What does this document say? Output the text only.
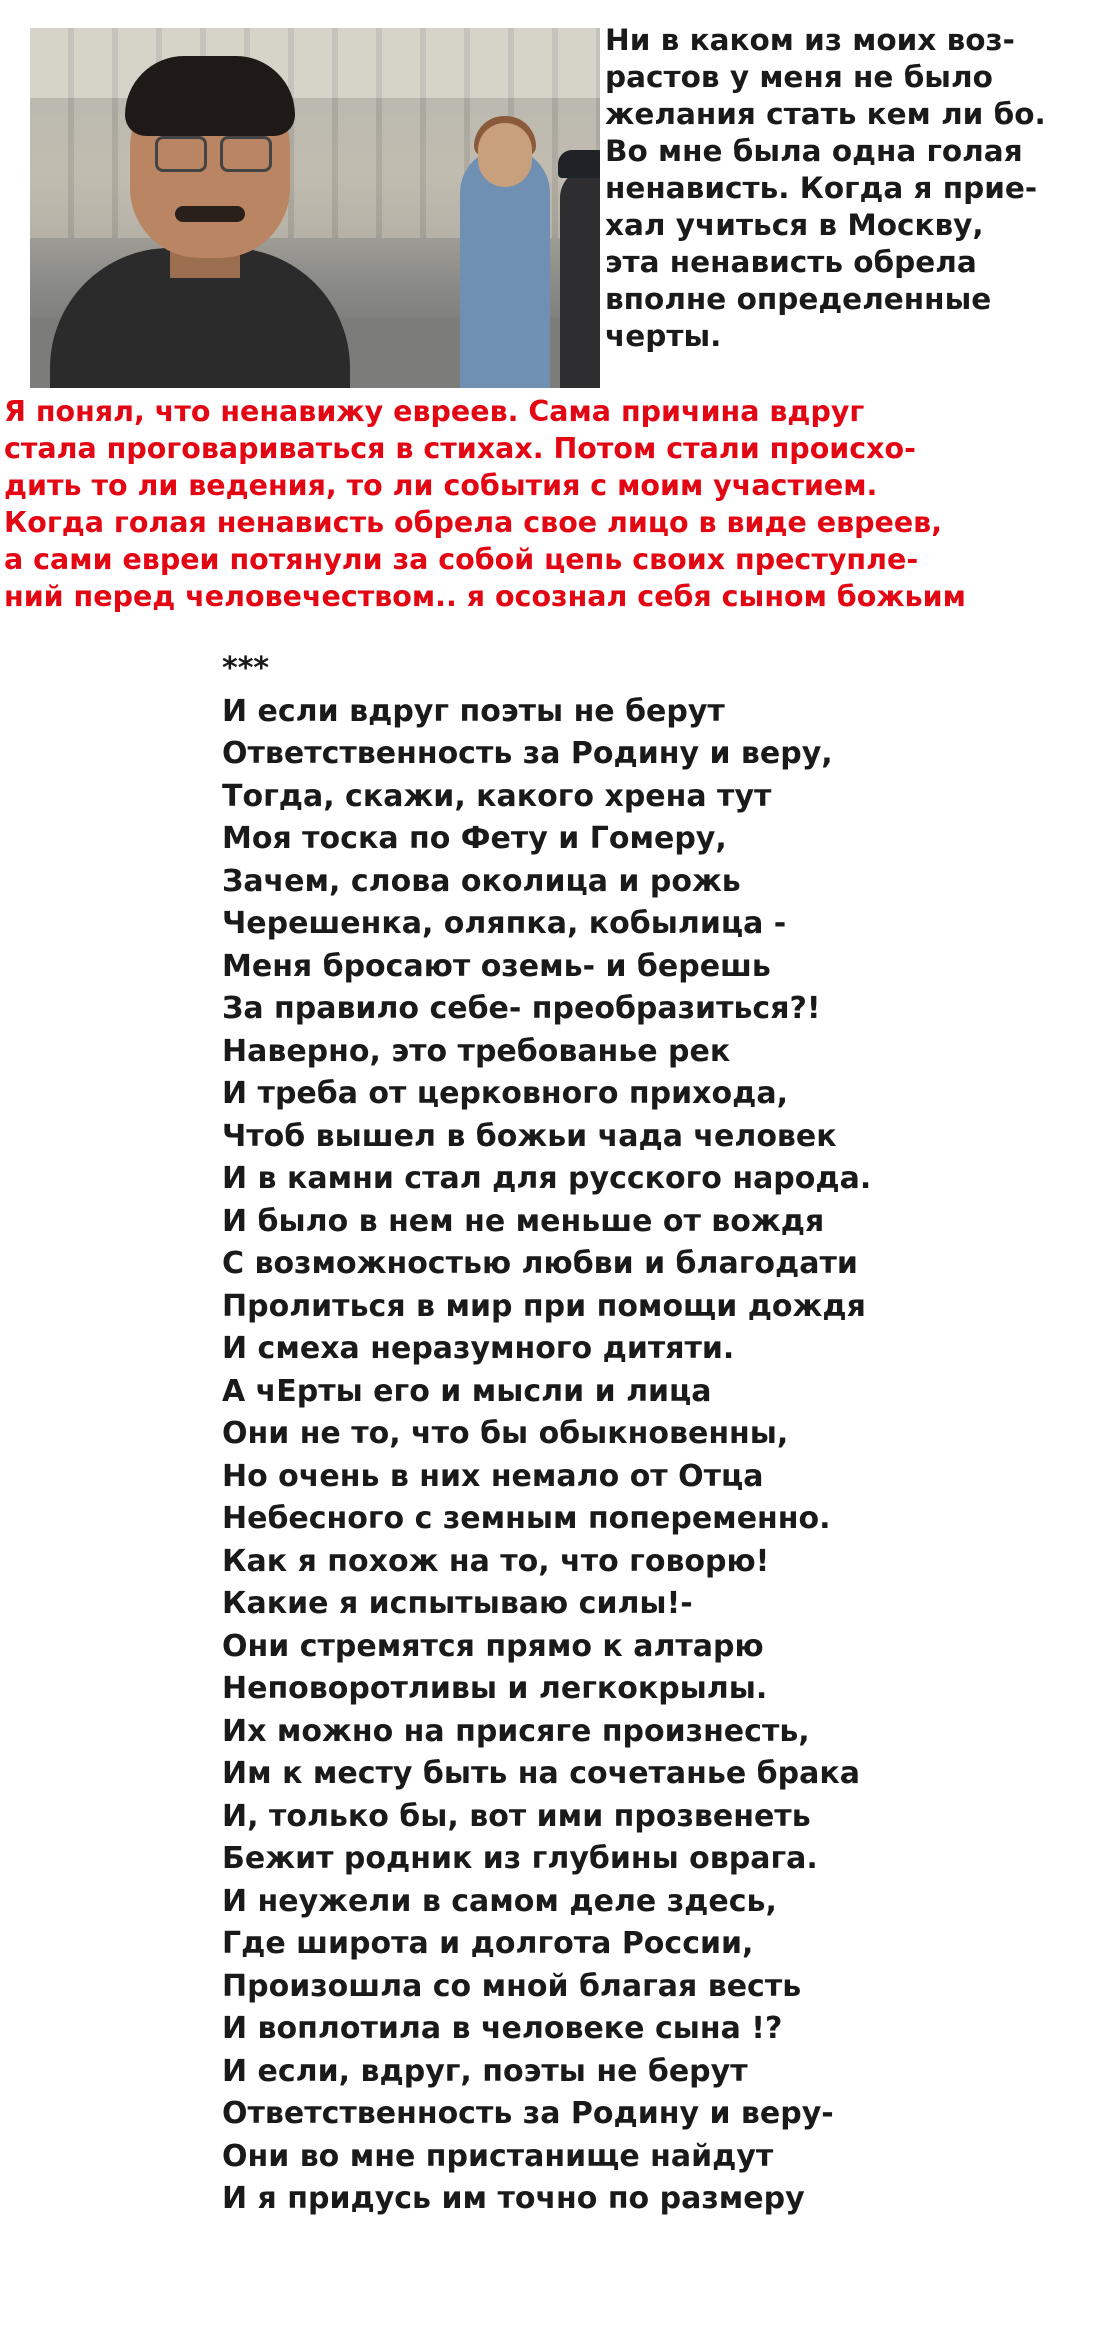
Ни в каком из моих воз-
растов у меня не было
желания стать кем ли бо.
Во мне была одна голая
ненависть. Когда я прие-
хал учиться в Москву,
эта ненависть обрела
вполне определенные
черты.
Я понял, что ненавижу евреев. Сама причина вдруг
стала проговариваться в стихах. Потом стали происхо-
дить то ли ведения, то ли события с моим участием.
Когда голая ненависть обрела свое лицо в виде евреев,
а сами евреи потянули за собой цепь своих преступле-
ний перед человечеством.. я осознал себя сыном божьим
***
И если вдруг поэты не берут
Ответственность за Родину и веру,
Тогда, скажи, какого хрена тут
Моя тоска по Фету и Гомеру,
Зачем, слова околица и рожь
Черешенка, оляпка, кобылица -
Меня бросают оземь- и берешь
За правило себе- преобразиться?!
Наверно, это требованье рек
И треба от церковного прихода,
Чтоб вышел в божьи чада человек
И в камни стал для русского народа.
И было в нем не меньше от вождя
С возможностью любви и благодати
Пролиться в мир при помощи дождя
И смеха неразумного дитяти.
А чЕрты его и мысли и лица
Они не то, что бы обыкновенны,
Но очень в них немало от Отца
Небесного с земным попеременно.
Как я похож на то, что говорю!
Какие я испытываю силы!-
Они стремятся прямо к алтарю
Неповоротливы и легкокрылы.
Их можно на присяге произнесть,
Им к месту быть на сочетанье брака
И, только бы, вот ими прозвенеть
Бежит родник из глубины оврага.
И неужели в самом деле здесь,
Где широта и долгота России,
Произошла со мной благая весть
И воплотила в человеке сына !?
И если, вдруг, поэты не берут
Ответственность за Родину и веру-
Они во мне пристанище найдут
И я придусь им точно по размеру
